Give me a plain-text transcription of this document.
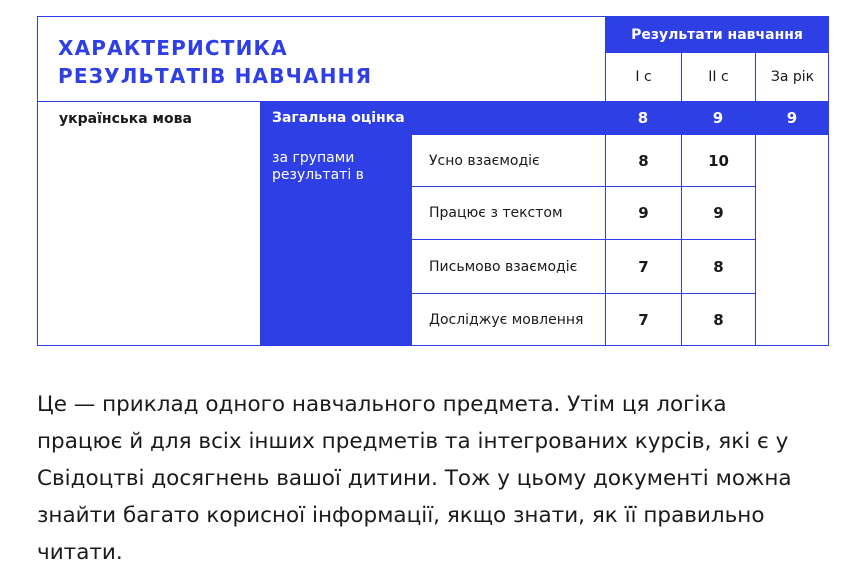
ХАРАКТЕРИСТИКА
РЕЗУЛЬТАТІВ НАВЧАННЯ
Результати навчання
І с	ІІ с	За рік
українська мова	Загальна оцінка	8	9	9
за групами результаті в
Усно взаємодіє	8	10
Працює з текстом	9	9
Письмово взаємодіє	7	8
Досліджує мовлення	7	8
Це — приклад одного навчального предмета. Утім ця логіка
працює й для всіх інших предметів та інтегрованих курсів, які є у
Свідоцтві досягнень вашої дитини. Тож у цьому документі можна
знайти багато корисної інформації, якщо знати, як її правильно
читати.
